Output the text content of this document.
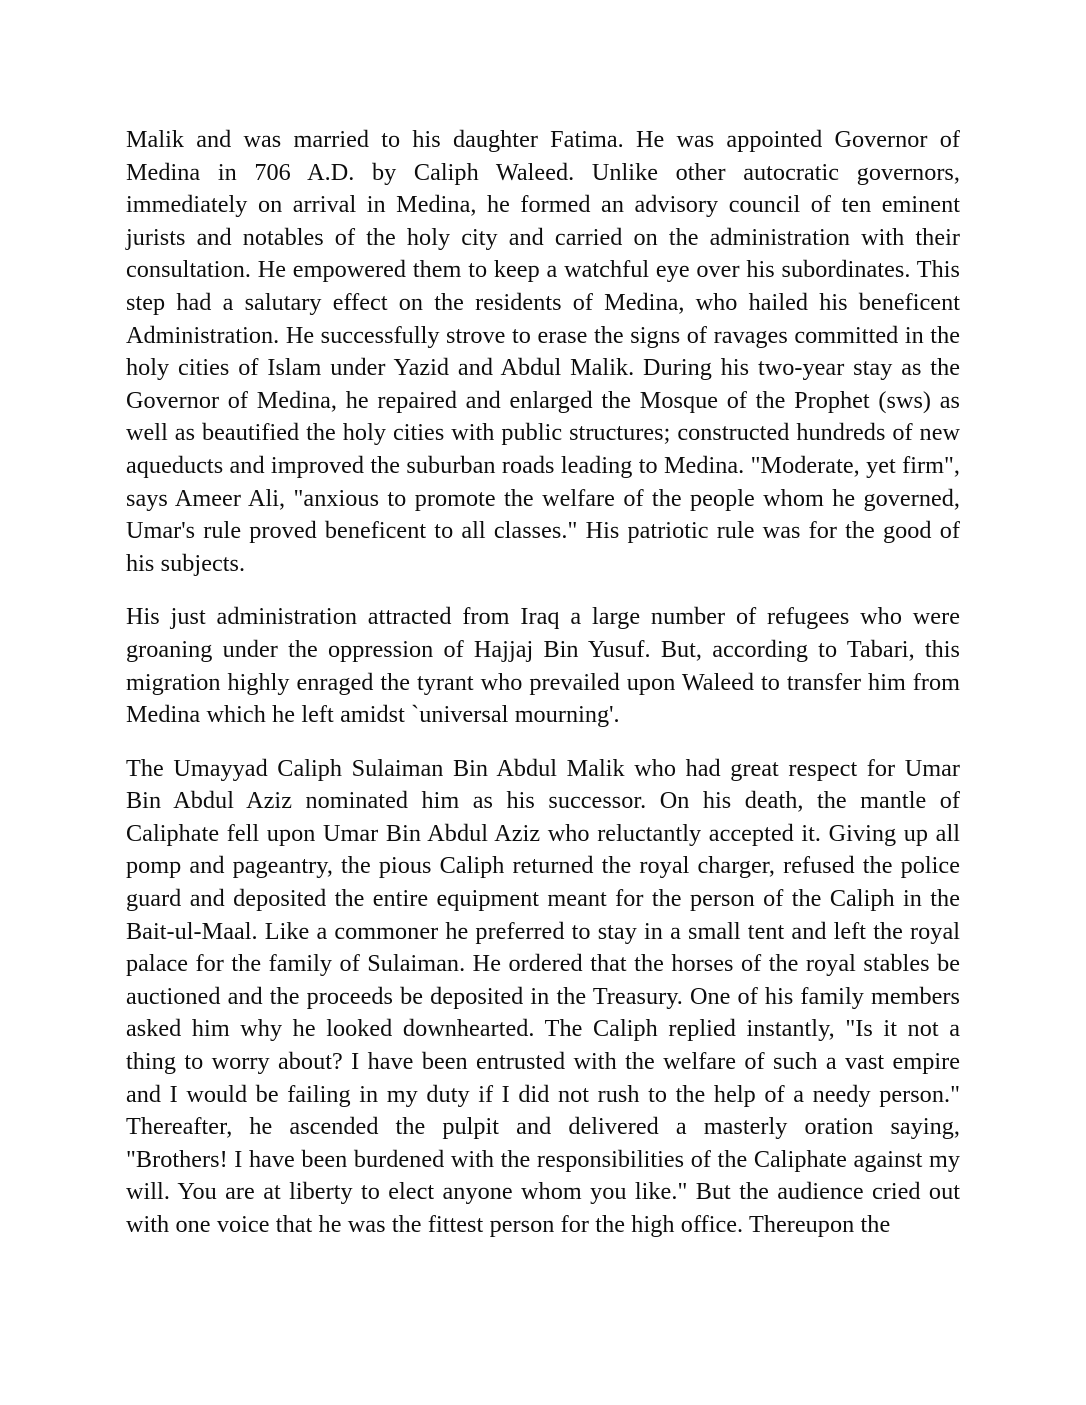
Malik and was married to his daughter Fatima. He was appointed Governor of Medina in 706 A.D. by Caliph Waleed. Unlike other autocratic governors, immediately on arrival in Medina, he formed an advisory council of ten eminent jurists and notables of the holy city and carried on the administration with their consultation. He empowered them to keep a watchful eye over his subordinates. This step had a salutary effect on the residents of Medina, who hailed his beneficent Administration. He successfully strove to erase the signs of ravages committed in the holy cities of Islam under Yazid and Abdul Malik. During his two-year stay as the Governor of Medina, he repaired and enlarged the Mosque of the Prophet (sws) as well as beautified the holy cities with public structures; constructed hundreds of new aqueducts and improved the suburban roads leading to Medina. "Moderate, yet firm", says Ameer Ali, "anxious to promote the welfare of the people whom he governed, Umar's rule proved beneficent to all classes." His patriotic rule was for the good of his subjects.

His just administration attracted from Iraq a large number of refugees who were groaning under the oppression of Hajjaj Bin Yusuf. But, according to Tabari, this migration highly enraged the tyrant who prevailed upon Waleed to transfer him from Medina which he left amidst `universal mourning'.

The Umayyad Caliph Sulaiman Bin Abdul Malik who had great respect for Umar Bin Abdul Aziz nominated him as his successor. On his death, the mantle of Caliphate fell upon Umar Bin Abdul Aziz who reluctantly accepted it. Giving up all pomp and pageantry, the pious Caliph returned the royal charger, refused the police guard and deposited the entire equipment meant for the person of the Caliph in the Bait-ul-Maal. Like a commoner he preferred to stay in a small tent and left the royal palace for the family of Sulaiman. He ordered that the horses of the royal stables be auctioned and the proceeds be deposited in the Treasury. One of his family members asked him why he looked downhearted. The Caliph replied instantly, "Is it not a thing to worry about? I have been entrusted with the welfare of such a vast empire and I would be failing in my duty if I did not rush to the help of a needy person." Thereafter, he ascended the pulpit and delivered a masterly oration saying, "Brothers! I have been burdened with the responsibilities of the Caliphate against my will. You are at liberty to elect anyone whom you like." But the audience cried out with one voice that he was the fittest person for the high office. Thereupon the
